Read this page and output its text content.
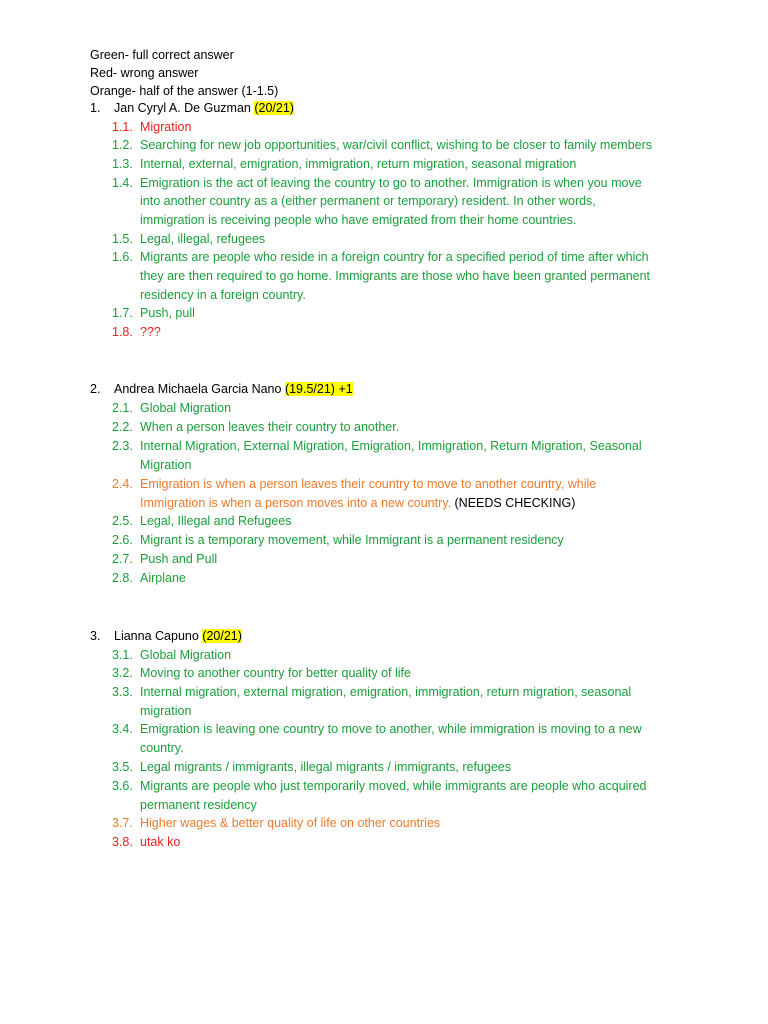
Green- full correct answer
Red- wrong answer
Orange- half of the answer (1-1.5)
1. Jan Cyryl A. De Guzman (20/21)
1.1. Migration
1.2. Searching for new job opportunities, war/civil conflict, wishing to be closer to family members
1.3. Internal, external, emigration, immigration, return migration, seasonal migration
1.4. Emigration is the act of leaving the country to go to another. Immigration is when you move
into another country as a (either permanent or temporary) resident. In other words,
immigration is receiving people who have emigrated from their home countries.
1.5. Legal, illegal, refugees
1.6. Migrants are people who reside in a foreign country for a specified period of time after which
they are then required to go home. Immigrants are those who have been granted permanent
residency in a foreign country.
1.7. Push, pull
1.8. ???
2. Andrea Michaela Garcia Nano (19.5/21) +1
2.1. Global Migration
2.2. When a person leaves their country to another.
2.3. Internal Migration, External Migration, Emigration, Immigration, Return Migration, Seasonal
Migration
2.4. Emigration is when a person leaves their country to move to another country, while
Immigration is when a person moves into a new country. (NEEDS CHECKING)
2.5. Legal, Illegal and Refugees
2.6. Migrant is a temporary movement, while Immigrant is a permanent residency
2.7. Push and Pull
2.8. Airplane
3. Lianna Capuno (20/21)
3.1. Global Migration
3.2. Moving to another country for better quality of life
3.3. Internal migration, external migration, emigration, immigration, return migration, seasonal
migration
3.4. Emigration is leaving one country to move to another, while immigration is moving to a new
country.
3.5. Legal migrants / immigrants, illegal migrants / immigrants, refugees
3.6. Migrants are people who just temporarily moved, while immigrants are people who acquired
permanent residency
3.7. Higher wages & better quality of life on other countries
3.8. utak ko
